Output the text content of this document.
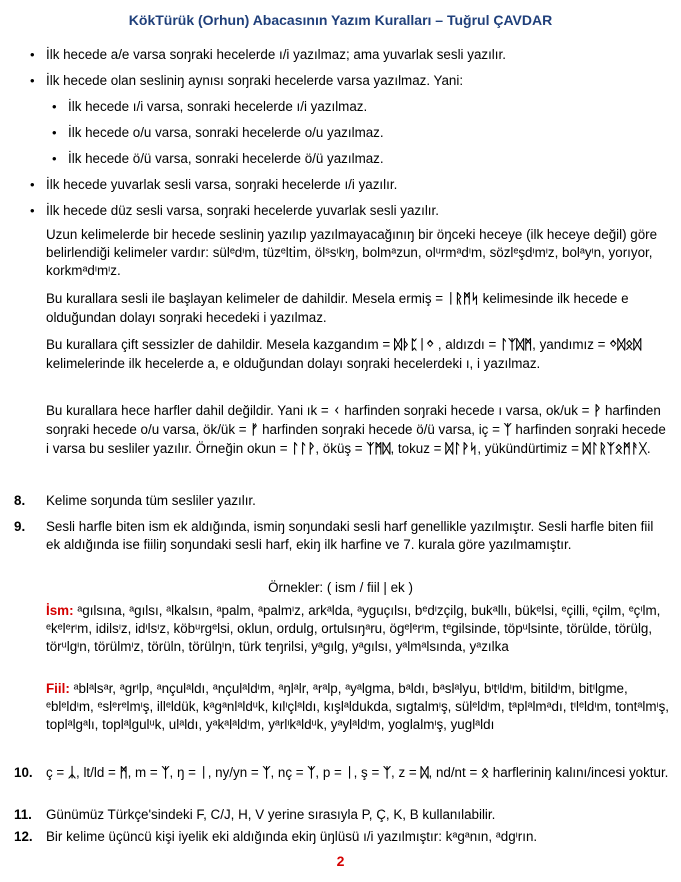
KökTürük (Orhun) Abacasının Yazım Kuralları – Tuğrul ÇAVDAR
• İlk hecede a/e varsa soŋraki hecelerde ı/i yazılmaz; ama yuvarlak sesli yazılır.
• İlk hecede olan sesliniŋ aynısı soŋraki hecelerde varsa yazılmaz. Yani:
• İlk hecede ı/i varsa, sonraki hecelerde ı/i yazılmaz.
• İlk hecede o/u varsa, sonraki hecelerde o/u yazılmaz.
• İlk hecede ö/ü varsa, sonraki hecelerde ö/ü yazılmaz.
• İlk hecede yuvarlak sesli varsa, soŋraki hecelerde ı/i yazılır.
• İlk hecede düz sesli varsa, soŋraki hecelerde yuvarlak sesli yazılır.

Uzun kelimelerde bir hecede sesliniŋ yazılıp yazılmayacağınıŋ bir öŋceki heceye (ilk heceye değil) göre belirlendiği kelimeler vardır: sülᵉdᶦm, tüzᵉlt𝗂m, ölˢsᶦkᶦŋ, bolmᵃzun, olᵘrmᵃdᶦm, sözlᵉşdᶦmᶦz, bolᵃyᶦn, yorıyor, korkmᵃdᶦmᶦz.

Bu kurallara sesli ile başlayan kelimeler de dahildir. Mesela ermiş = ᛁᚱᛗᛋ kelimesinde ilk hecede e olduğundan dolayı soŋraki hecedeki i yazılmaz.

Bu kurallara çift sessizler de dahildir. Mesela kazgandım = ᛞᚦᛈᛁᛜ , aldızdı = ᛚᛉᛞᛗ, yandımız = ᛜᛞᛟᛞ kelimelerinde ilk hecelerde a, e olduğundan dolayı soŋraki hecelerdeki ı, i yazılmaz.

Bu kurallara hece harfler dahil değildir. Yani ık = ᚲ harfinden soŋraki hecede ı varsa, ok/uk = ᚹ harfinden soŋraki hecede o/u varsa, ök/ük = ᚠ harfinden soŋraki hecede ö/ü varsa, iç = ᛉ harfinden soŋraki hecede i varsa bu sesliler yazılır. Örneğin okun = ᛚᛚᚹ, öküş = ᛉᛗᛞ, tokuz = ᛞᛚᚹᛋ, yükündürtimiz = ᛞᛚᚱᛉᛟᛗᚨᚷ.

8. Kelime soŋunda tüm sesliler yazılır.
9. Sesli harfle biten ism ek aldığında, ismiŋ soŋundaki sesli harf genellikle yazılmıştır. Sesli harfle biten fiil ek aldığında ise fiiliŋ soŋundaki sesli harf, ekiŋ ilk harfine ve 7. kurala göre yazılmamıştır.
Örnekler: ( ism / fiil | ek )

İsm: ᵃgılsına, ᵃgılsı, ᵃlkalsın, ᵃpalm, ᵃpalmᶦz, arkᵃlda, ᵃyguçılsı, bᵉdᶦzçilg, bukᵃllı, bükᵉlsi, ᵉçilli, ᵉçilm, ᵉçᶦlm, ᵉkᵉlᵉrᶦm, idilsᶦz, idᶦlsᶦz, köbᵘrgᵉlsi, oklun, ordulg, ortulsıŋᵃru, ögᵉlᵉrᶦm, tᵉgilsinde, töpᵘlsinte, törüldе, törülg, törᵘlgᶦn, törülmᶦz, törüln, törülŋᶦn, türk teŋrilsi, yᵃgılg, yᵃgılsı, yᵃlmᵃlsında, yᵃzılka

Fiil: ᵃblᵃlsᵃr, ᵃgrᶦlp, ᵃnçulᵃldı, ᵃnçulᵃldᶦm, ᵃŋlᵃlr, ᵃrᵃlp, ᵃyᵃlgma, bᵃldı, bᵃslᵃlyu, bᶦtᶦldᶦm, bitildᶦm, bitᶦlgme, ᵉblᵉldᶦm, ᵉslᵉrᵉlmᶦş, illᵉldük, kᵃgᵃnlᵃldᵘk, kılᶦçlᵃldı, kışlᵃldukda, sıgtalmᶦş, sülᵉldᶦm, tᵃplᵃlmᵃdı, tᶦlᵉldᶦm, tontᵃlmᶦş, toplᵃlgᵃlı, toplᵃlgulᵘk, ulᵃldı, yᵃkᵃlᵃldᶦm, yᵃrlᶦkᵃldᵘk, yᵃylᵃldᶦm, yoglalmᶦş, yuglᵃldı

10. ç = ᛣ, lt/ld = ᛗ, m = ᛉ, ŋ = ᛁ, ny/yn = ᛉ, nç = ᛉ, p = ᛁ, ş = ᛉ, z = ᛞ, nd/nt = ᛟ harfleriniŋ kalını/incesi yoktur.
11. Günümüz Türkçe'sindeki F, C/J, H, V yerine sırasıyla P, Ç, K, B kullanılabilir.
12. Bir kelime üçüncü kişi iyelik eki aldığında ekiŋ üŋlüsü ı/i yazılmıştır: kᵃgᵃnın, ᵃdgᶦrın.
2
